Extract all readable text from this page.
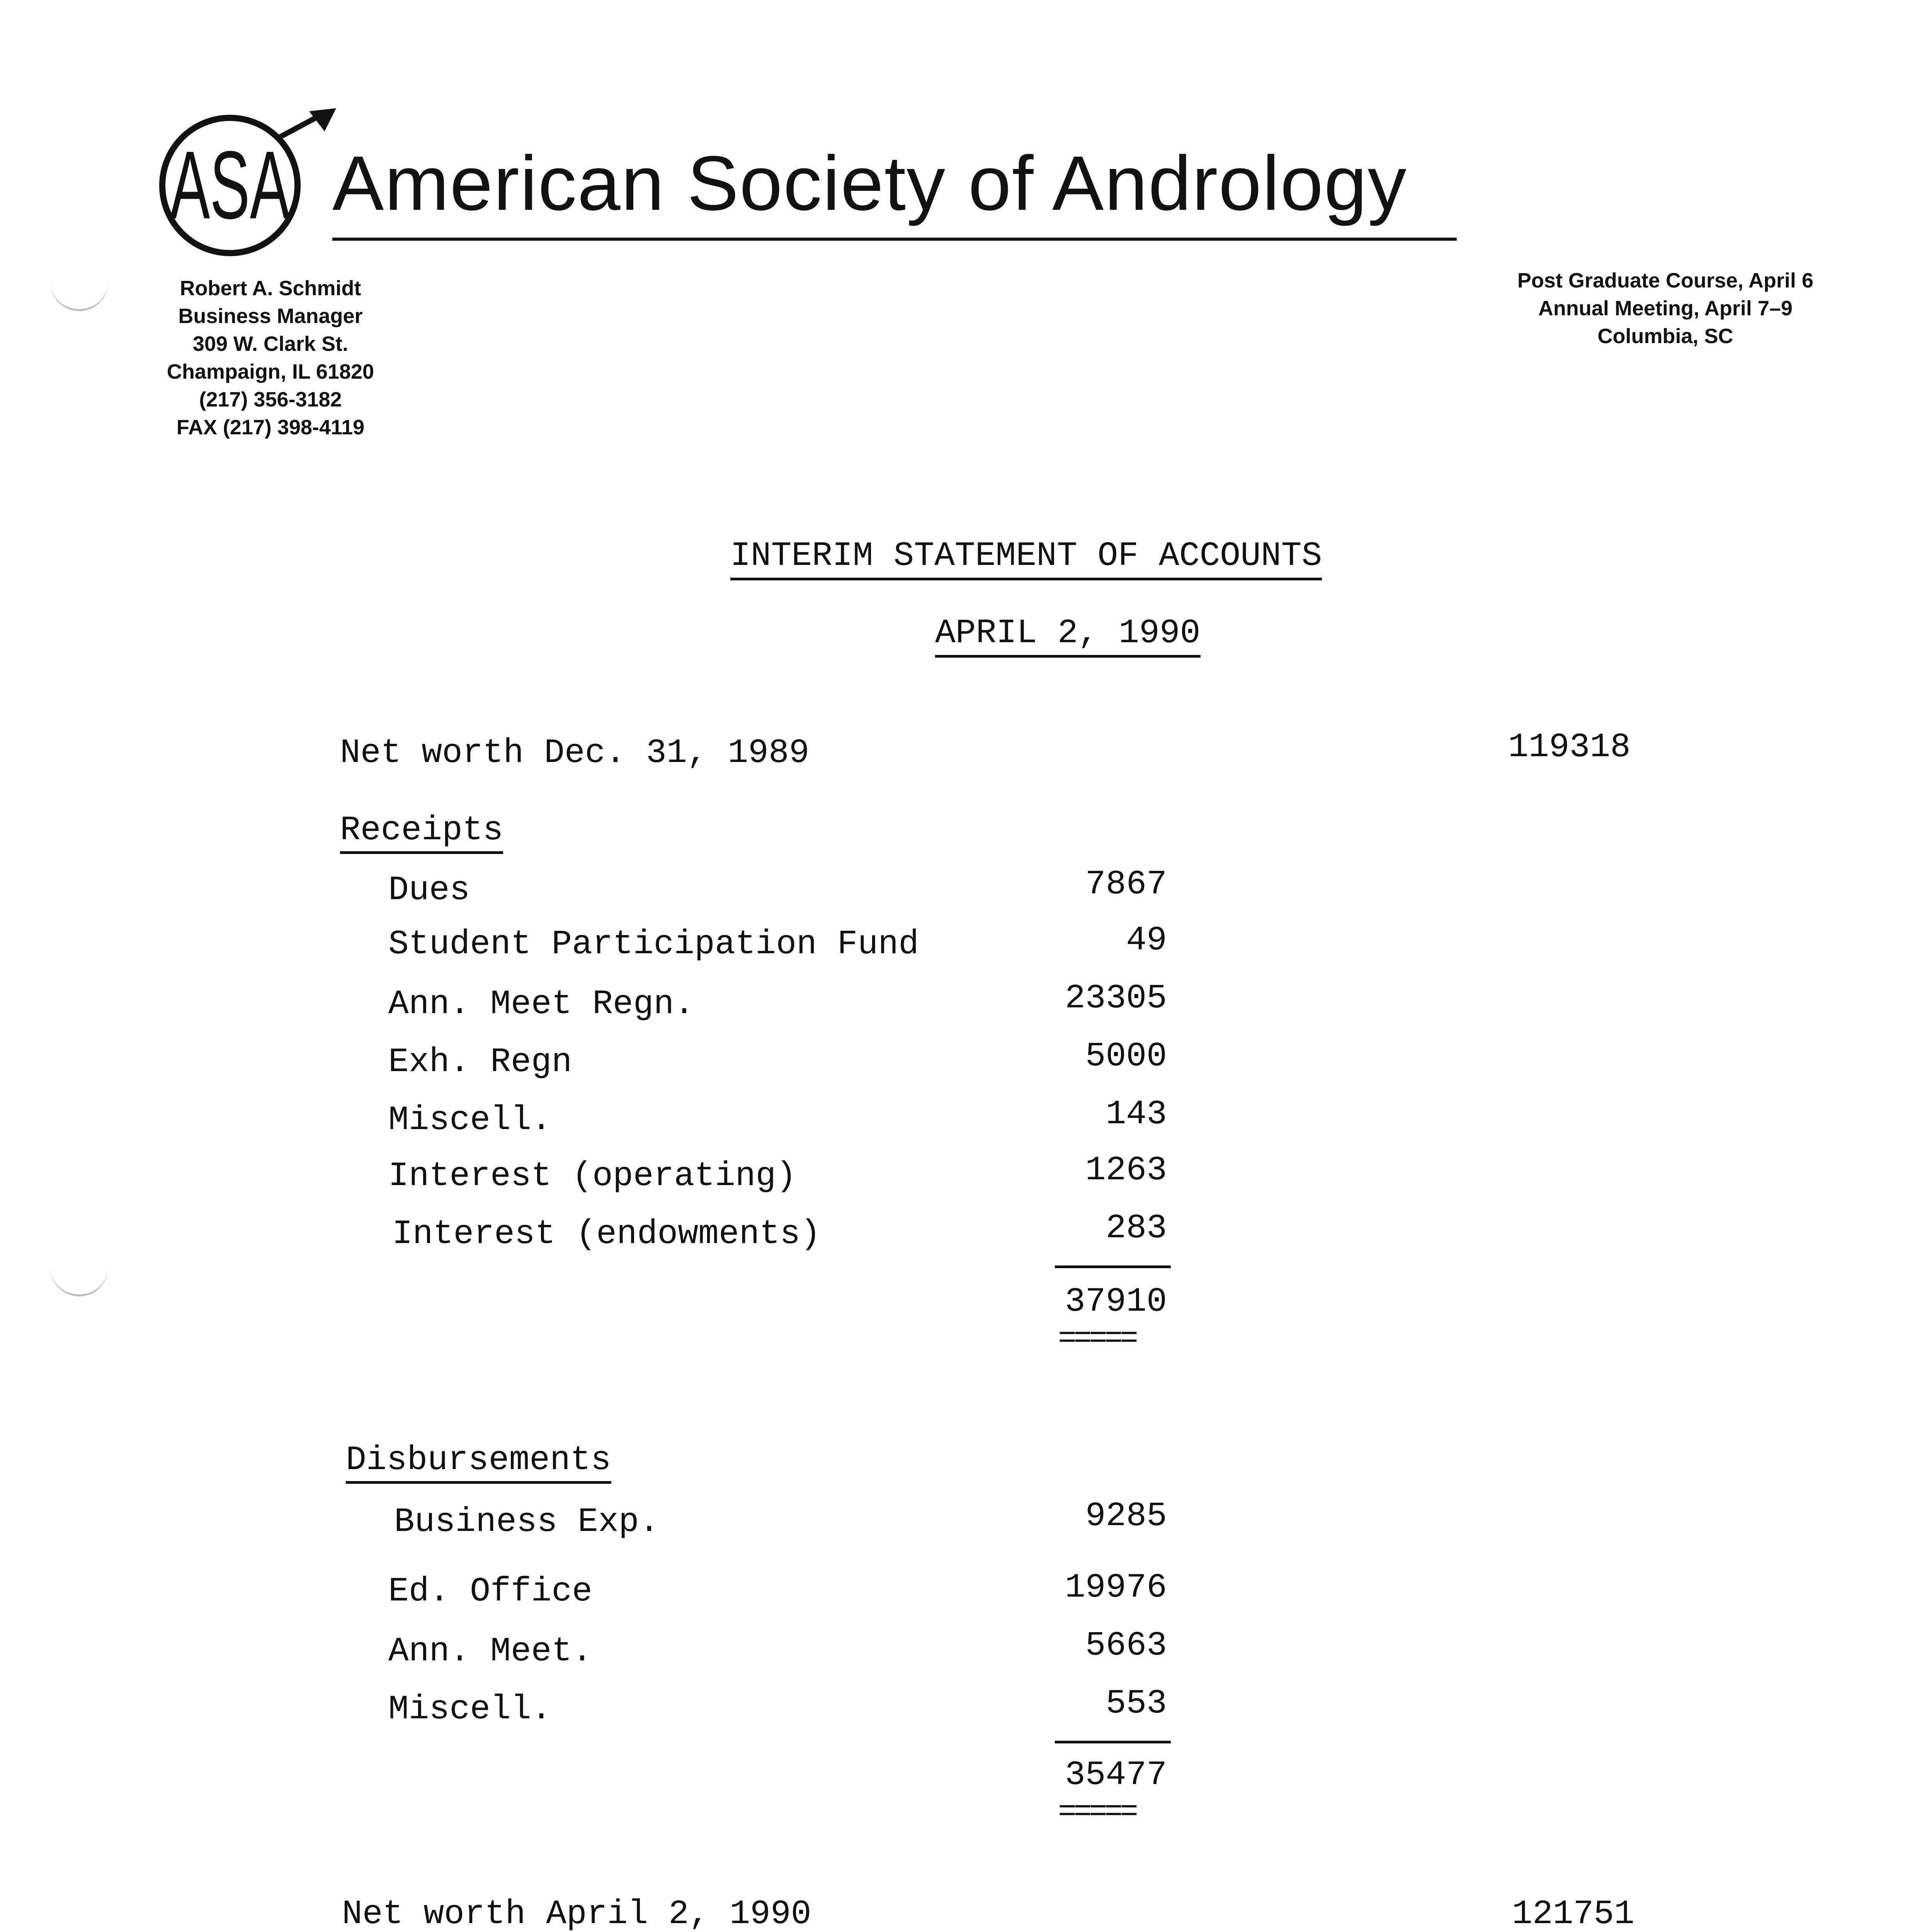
ASA American Society of Andrology
Robert A. Schmidt
Business Manager
309 W. Clark St.
Champaign, IL 61820
(217) 356-3182
FAX (217) 398-4119
Post Graduate Course, April 6
Annual Meeting, April 7–9
Columbia, SC
INTERIM STATEMENT OF ACCOUNTS
APRIL 2, 1990
Net worth Dec. 31, 1989	119318
Receipts
Dues	7867
Student Participation Fund	49
Ann. Meet Regn.	23305
Exh. Regn	5000
Miscell.	143
Interest (operating)	1263
Interest (endowments)	283
37910
=====
Disbursements
Business Exp.	9285
Ed. Office	19976
Ann. Meet.	5663
Miscell.	553
35477
=====
Net worth April 2, 1990	121751
